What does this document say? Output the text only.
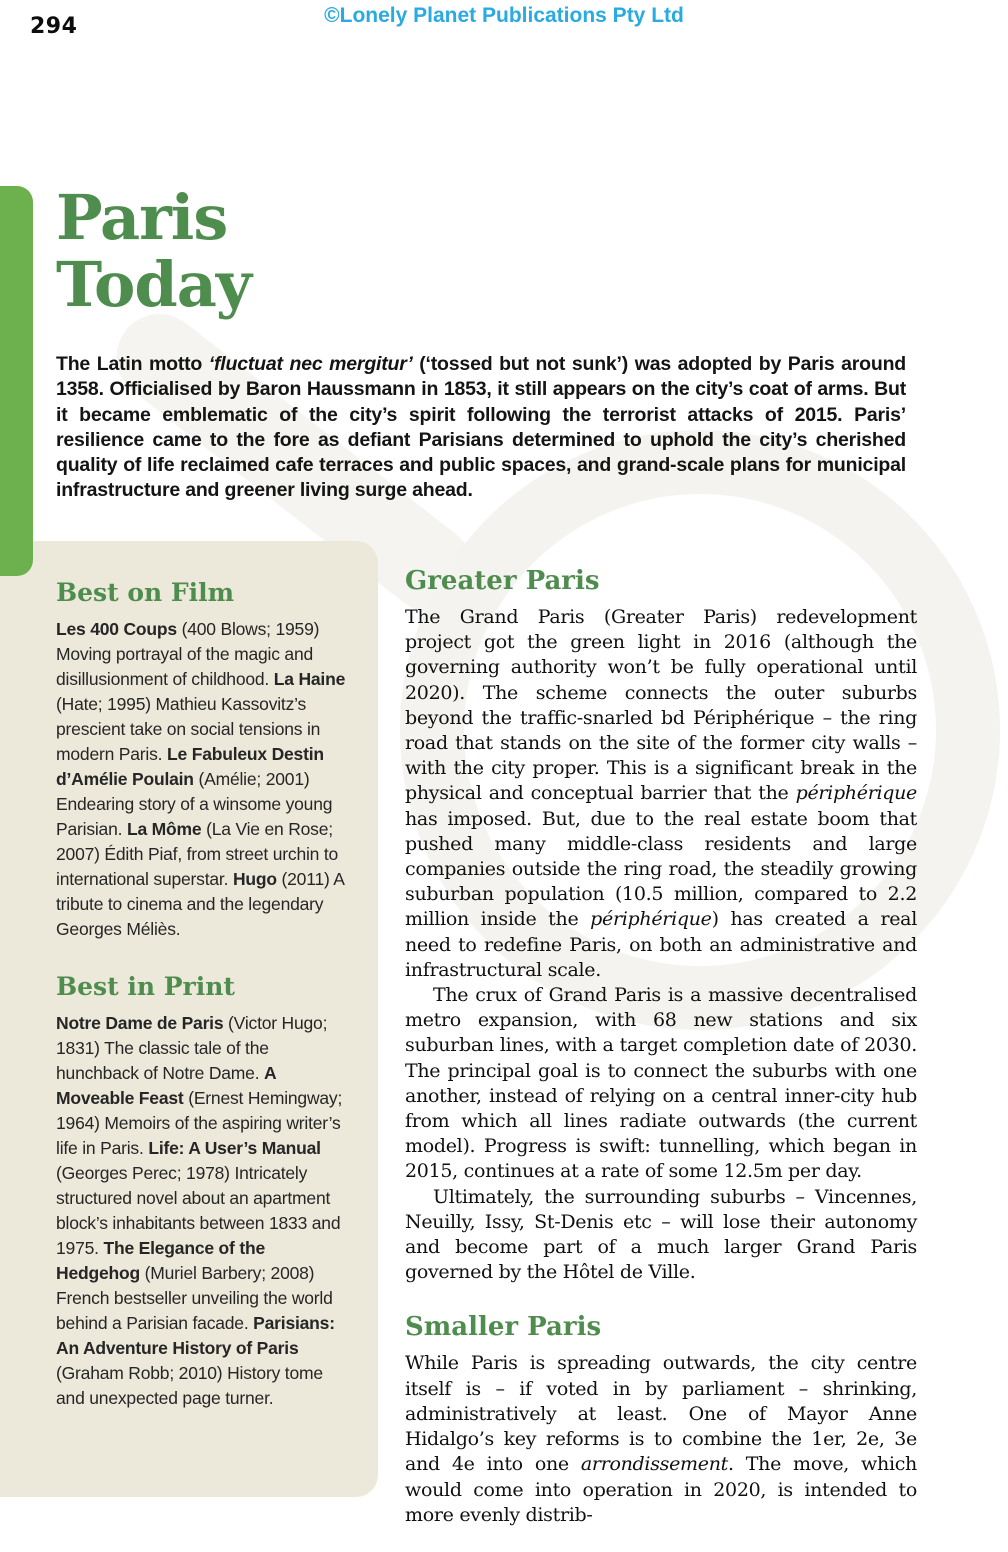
294	©Lonely Planet Publications Pty Ltd
Paris
Today

The Latin motto ‘fluctuat nec mergitur’ (‘tossed but not sunk’) was adopted by Paris around 1358. Officialised by Baron Haussmann in 1853, it still appears on the city’s coat of arms. But it became emblematic of the city’s spirit following the terrorist attacks of 2015. Paris’ resilience came to the fore as defiant Parisians determined to uphold the city’s cherished quality of life reclaimed cafe terraces and public spaces, and grand-scale plans for municipal infrastructure and greener living surge ahead.

Best on Film
Les 400 Coups (400 Blows; 1959) Moving portrayal of the magic and disillusionment of childhood. La Haine (Hate; 1995) Mathieu Kassovitz’s prescient take on social tensions in modern Paris. Le Fabuleux Destin d’Amélie Poulain (Amélie; 2001) Endearing story of a winsome young Parisian. La Môme (La Vie en Rose; 2007) Édith Piaf, from street urchin to international superstar. Hugo (2011) A tribute to cinema and the legendary Georges Méliès.
Best in Print
Notre Dame de Paris (Victor Hugo; 1831) The classic tale of the hunchback of Notre Dame. A Moveable Feast (Ernest Hemingway; 1964) Memoirs of the aspiring writer’s life in Paris. Life: A User’s Manual (Georges Perec; 1978) Intricately structured novel about an apartment block’s inhabitants between 1833 and 1975. The Elegance of the Hedgehog (Muriel Barbery; 2008) French bestseller unveiling the world behind a Parisian facade. Parisians: An Adventure History of Paris (Graham Robb; 2010) History tome and unexpected page turner.
Greater Paris

The Grand Paris (Greater Paris) redevelopment project got the green light in 2016 (although the governing authority won’t be fully operational until 2020). The scheme connects the outer suburbs beyond the traffic-snarled bd Périphérique – the ring road that stands on the site of the former city walls – with the city proper. This is a significant break in the physical and conceptual barrier that the périphérique has imposed. But, due to the real estate boom that pushed many middle-class residents and large companies outside the ring road, the steadily growing suburban population (10.5 million, compared to 2.2 million inside the périphérique) has created a real need to redefine Paris, on both an administrative and infrastructural scale.

The crux of Grand Paris is a massive decentralised metro expansion, with 68 new stations and six suburban lines, with a target completion date of 2030. The principal goal is to connect the suburbs with one another, instead of relying on a central inner-city hub from which all lines radiate outwards (the current model). Progress is swift: tunnelling, which began in 2015, continues at a rate of some 12.5m per day.

Ultimately, the surrounding suburbs – Vincennes, Neuilly, Issy, St-Denis etc – will lose their autonomy and become part of a much larger Grand Paris governed by the Hôtel de Ville.

Smaller Paris

While Paris is spreading outwards, the city centre itself is – if voted in by parliament – shrinking, administratively at least. One of Mayor Anne Hidalgo’s key reforms is to combine the 1er, 2e, 3e and 4e into one arrondissement. The move, which would come into operation in 2020, is intended to more evenly distrib-
